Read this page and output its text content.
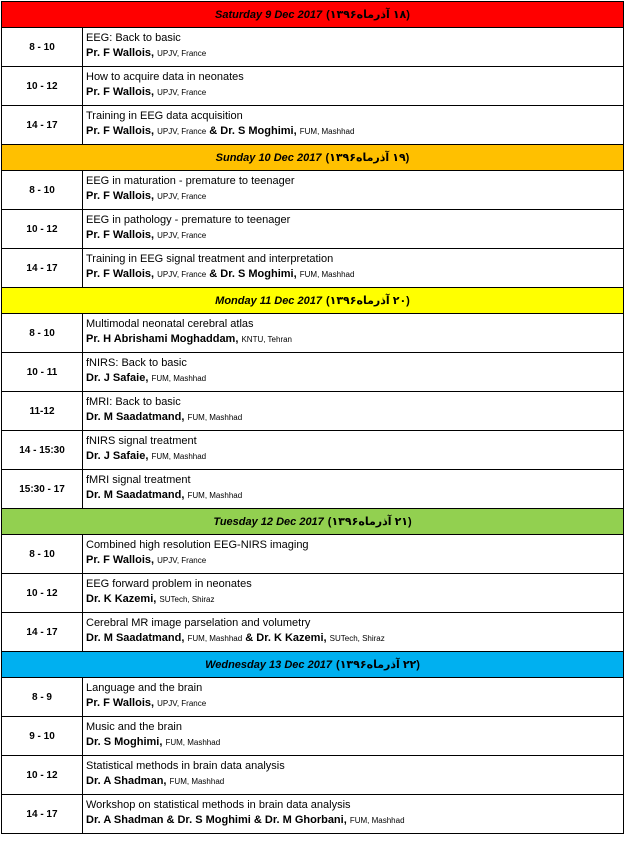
Saturday 9 Dec 2017 (۱۸ آذرماه۱۳۹۶)
8 - 10
EEG: Back to basic
Pr. F Wallois, UPJV, France
10 - 12
How to acquire data in neonates
Pr. F Wallois, UPJV, France
14 - 17
Training in EEG data acquisition
Pr. F Wallois, UPJV, France & Dr. S Moghimi, FUM, Mashhad
Sunday 10 Dec 2017 (۱۹ آذرماه۱۳۹۶)
8 - 10
EEG in maturation - premature to teenager
Pr. F Wallois, UPJV, France
10 - 12
EEG in pathology - premature to teenager
Pr. F Wallois, UPJV, France
14 - 17
Training in EEG signal treatment and interpretation
Pr. F Wallois, UPJV, France & Dr. S Moghimi, FUM, Mashhad
Monday 11 Dec 2017 (۲۰ آذرماه۱۳۹۶)
8 - 10
Multimodal neonatal cerebral atlas
Pr. H Abrishami Moghaddam, KNTU, Tehran
10 - 11
fNIRS: Back to basic
Dr. J Safaie, FUM, Mashhad
11-12
fMRI: Back to basic
Dr. M Saadatmand, FUM, Mashhad
14 - 15:30
fNIRS signal treatment
Dr. J Safaie, FUM, Mashhad
15:30 - 17
fMRI signal treatment
Dr. M Saadatmand, FUM, Mashhad
Tuesday 12 Dec 2017 (۲۱ آذرماه۱۳۹۶)
8 - 10
Combined high resolution EEG-NIRS imaging
Pr. F Wallois, UPJV, France
10 - 12
EEG forward problem in neonates
Dr. K Kazemi, SUTech, Shiraz
14 - 17
Cerebral MR image parselation and volumetry
Dr. M Saadatmand, FUM, Mashhad & Dr. K Kazemi, SUTech, Shiraz
Wednesday 13 Dec 2017 (۲۲ آذرماه۱۳۹۶)
8 - 9
Language and the brain
Pr. F Wallois, UPJV, France
9 - 10
Music and the brain
Dr. S Moghimi, FUM, Mashhad
10 - 12
Statistical methods in brain data analysis
Dr. A Shadman, FUM, Mashhad
14 - 17
Workshop on statistical methods in brain data analysis
Dr. A Shadman & Dr. S Moghimi & Dr. M Ghorbani, FUM, Mashhad
